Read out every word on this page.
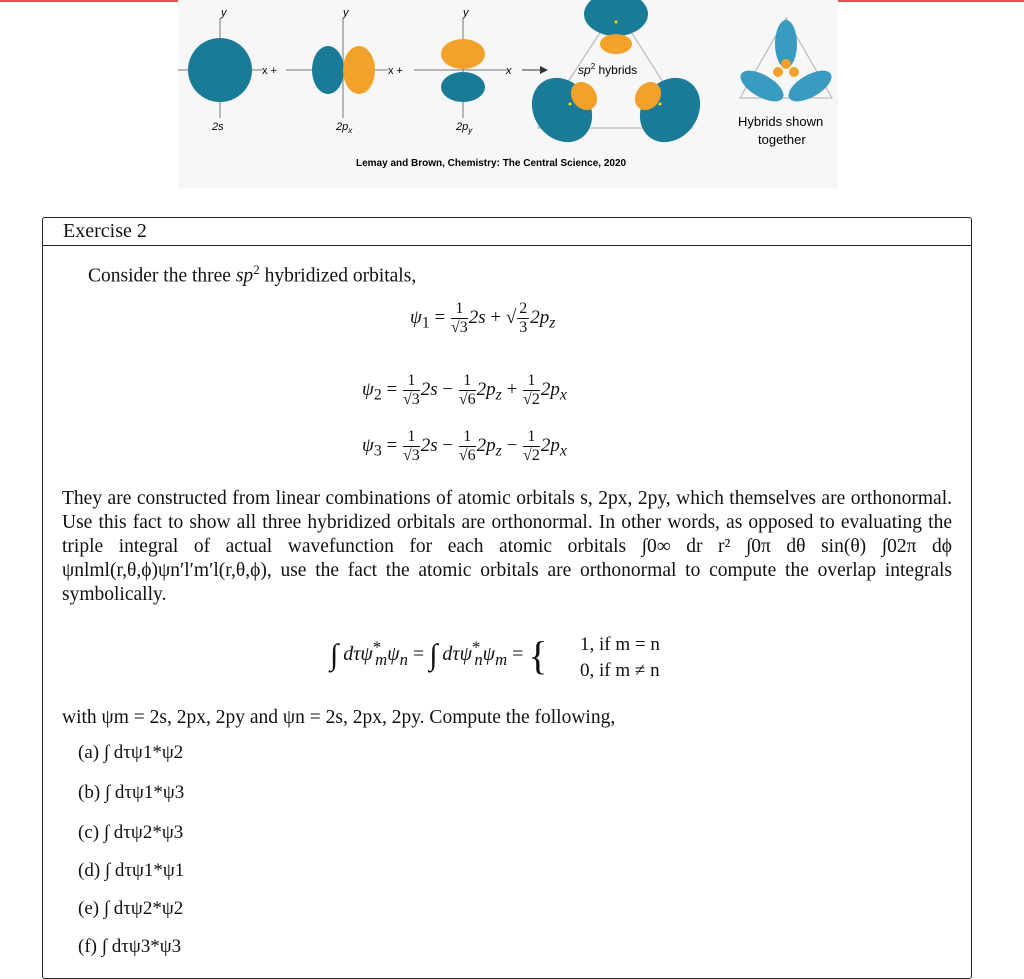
y
x +
2s
y
x +
$2p_x$
y
x
$2p_y$
$sp^2$ hybrids
Hybrids shown
together
Lemay and Brown, Chemistry: The Central Science, 2020
Exercise 2
Consider the three $sp^2$ hybridized orbitals,
$\psi_1 = \frac{1}{√3} 2s$ + √ $\frac{2}{3} 2p_z$
$\psi_2 = \frac{1}{√3} 2s - \frac{1}{√6} 2p_z + \frac{1}{√2} 2p_x$
$\psi_3 = \frac{1}{√3} 2s - \frac{1}{√6} 2p_z - \frac{1}{√2} 2p_x$
They are constructed from linear combinations of atomic orbitals s, 2px, 2py, which themselves are orthonormal. Use this fact to show all three hybridized orbitals are orthonormal. In other words, as opposed to evaluating the triple integral of actual wavefunction for each atomic orbitals ∫0∞ dr r² ∫0π dθ sin(θ) ∫02π dϕ ψnlml(r,θ,ϕ)ψn′l′m′l(r,θ,ϕ), use the fact the atomic orbitals are orthonormal to compute the overlap integrals symbolically.
∫ $d\tau\psi^*_m\psi_n$ = ∫ $d\tau\psi^*_n\psi_m$ = { 1, if m = n
0, if m ≠ n
with ψm = 2s, 2px, 2py and ψn = 2s, 2px, 2py. Compute the following,
(a) ∫ dτψ1*ψ2
(b) ∫ dτψ1*ψ3
(c) ∫ dτψ2*ψ3
(d) ∫ dτψ1*ψ1
(e) ∫ dτψ2*ψ2
(f) ∫ dτψ3*ψ3
